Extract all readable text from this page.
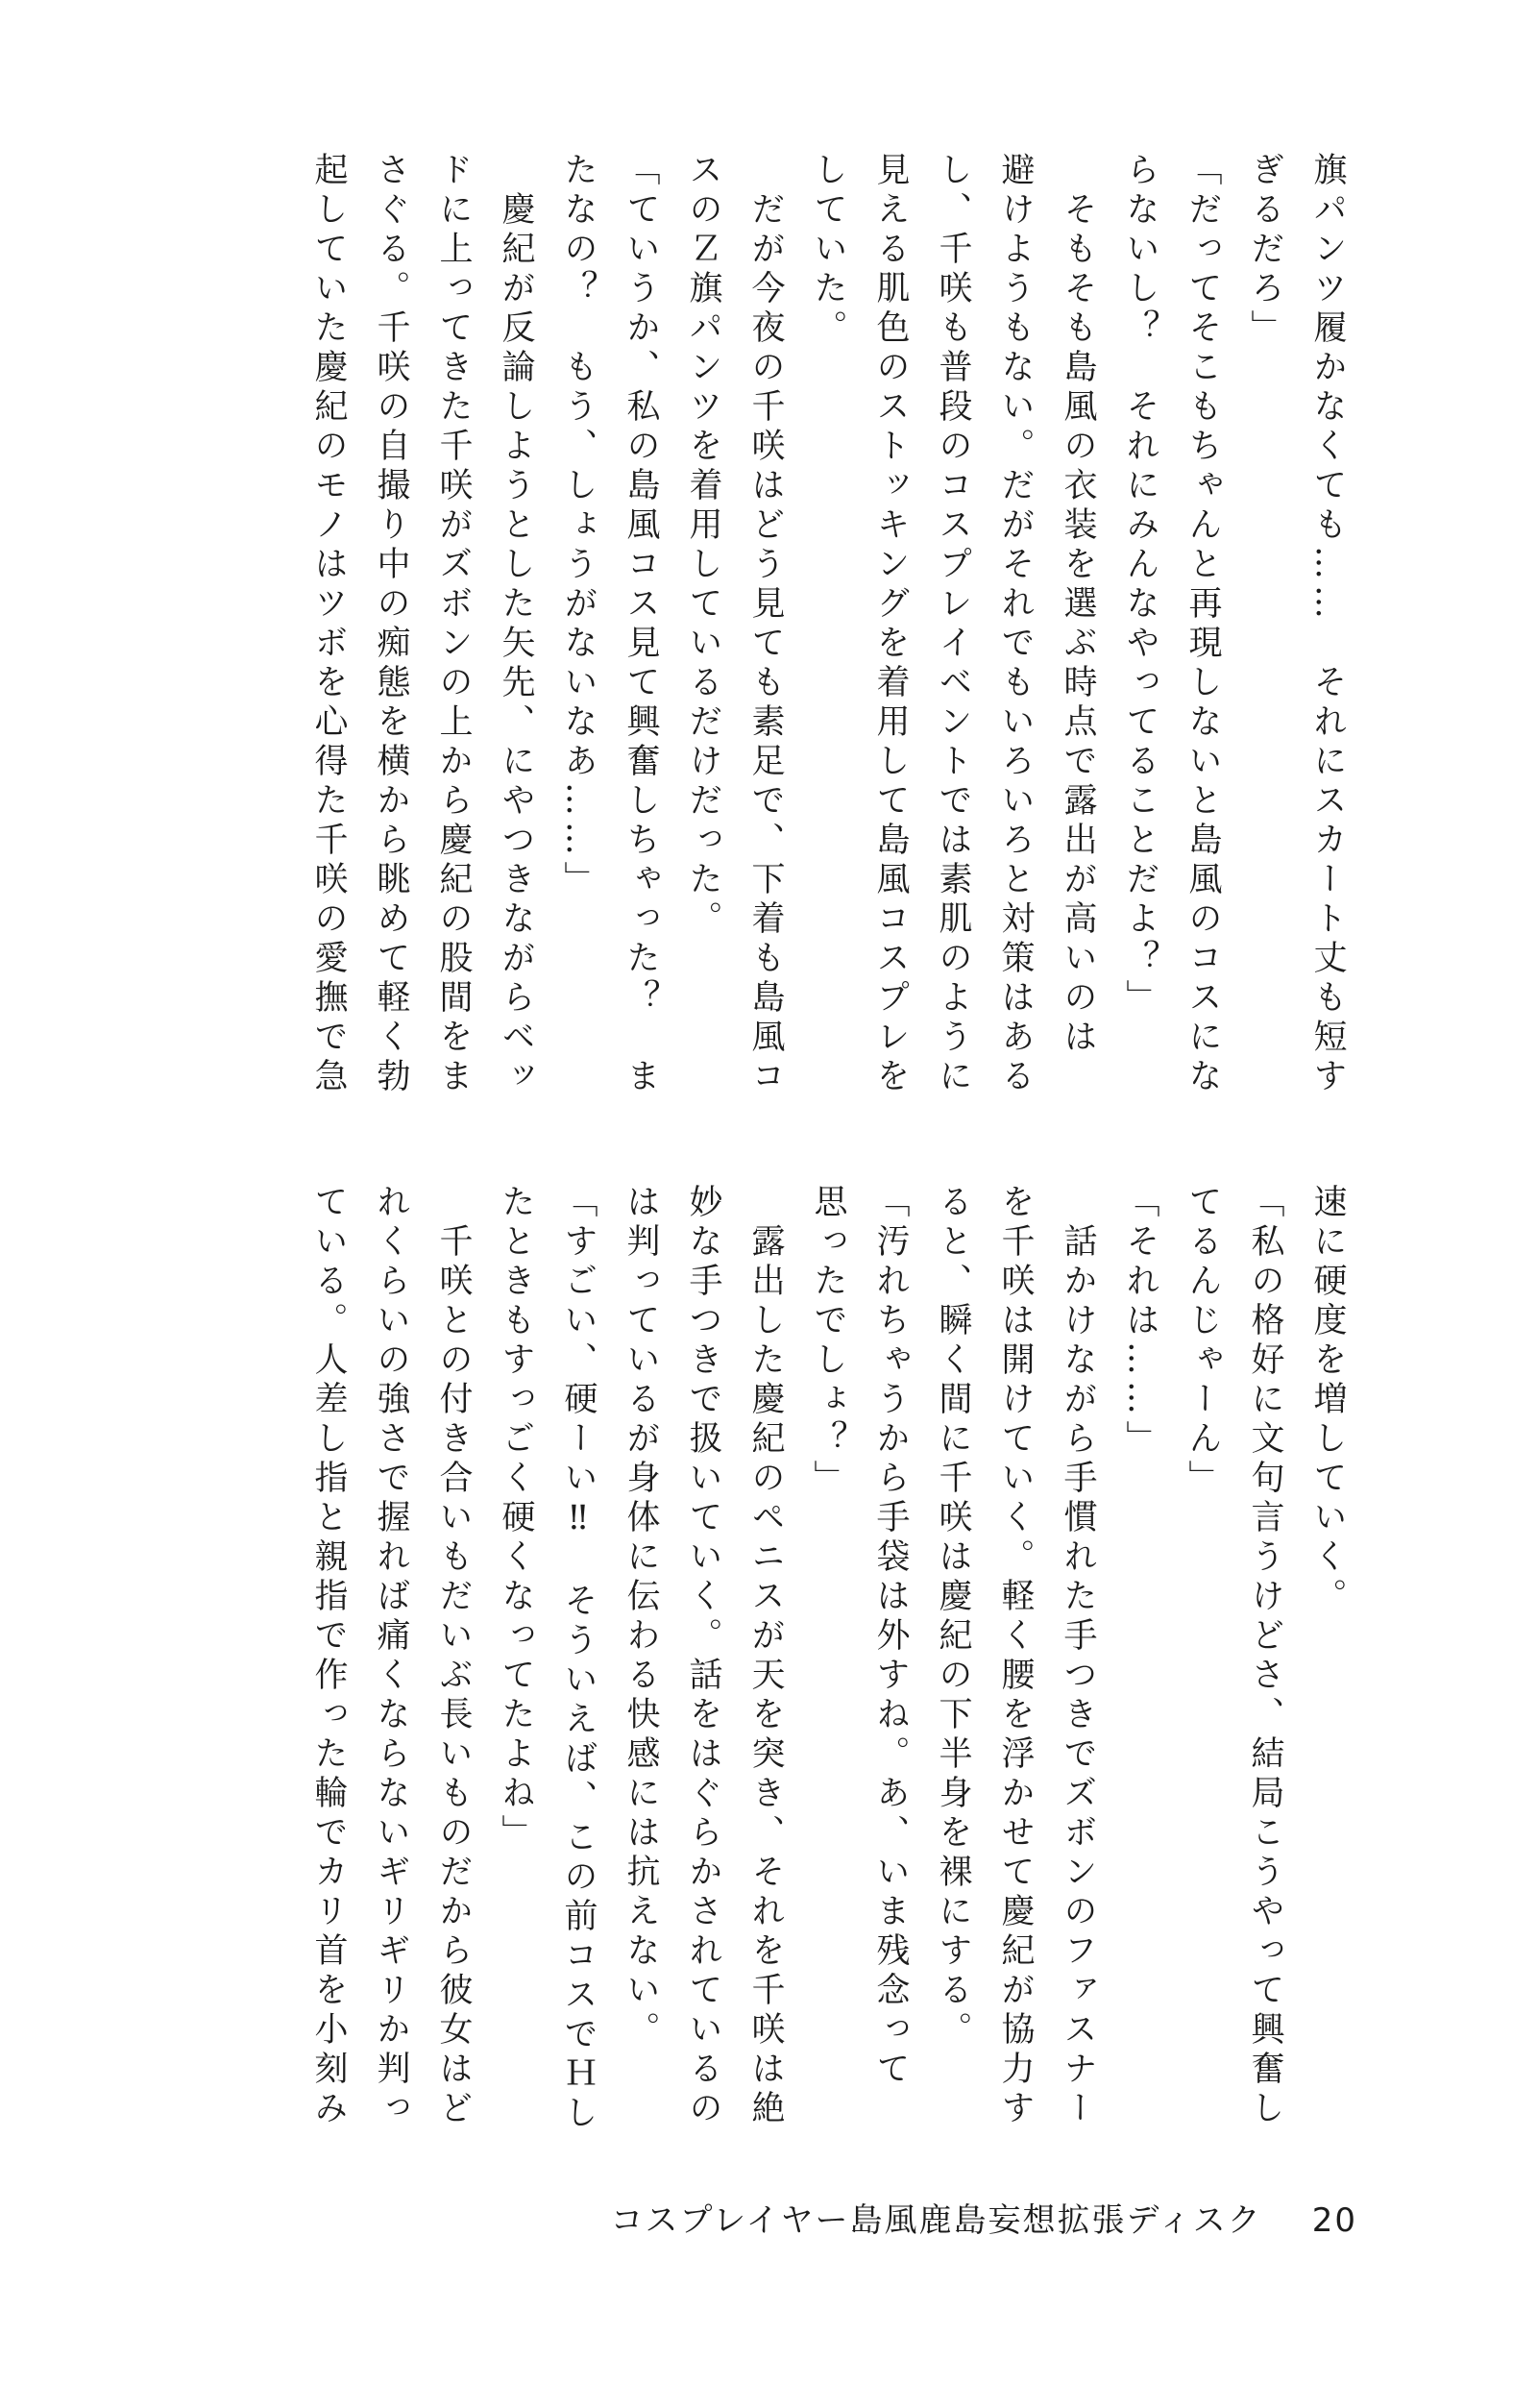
旗パンツ履かなくても……　それにスカート丈も短す

ぎるだろ」

「だってそこもちゃんと再現しないと島風のコスにな

らないし？　それにみんなやってることだよ？」

　そもそも島風の衣装を選ぶ時点で露出が高いのは

避けようもない。だがそれでもいろいろと対策はある

し、千咲も普段のコスプレイベントでは素肌のように

見える肌色のストッキングを着用して島風コスプレを

していた。

　だが今夜の千咲はどう見ても素足で、下着も島風コ

スのＺ旗パンツを着用しているだけだった。

「ていうか、私の島風コス見て興奮しちゃった？　ま

たなの？　もう、しょうがないなあ……」

　慶紀が反論しようとした矢先、にやつきながらベッ

ドに上ってきた千咲がズボンの上から慶紀の股間をま

さぐる。千咲の自撮り中の痴態を横から眺めて軽く勃

起していた慶紀のモノはツボを心得た千咲の愛撫で急

速に硬度を増していく。

「私の格好に文句言うけどさ、結局こうやって興奮し

てるんじゃーん」

「それは……」

　話かけながら手慣れた手つきでズボンのファスナー

を千咲は開けていく。軽く腰を浮かせて慶紀が協力す

ると、瞬く間に千咲は慶紀の下半身を裸にする。

「汚れちゃうから手袋は外すね。あ、いま残念って

思ったでしょ？」

　露出した慶紀のペニスが天を突き、それを千咲は絶

妙な手つきで扱いていく。話をはぐらかされているの

は判っているが身体に伝わる快感には抗えない。

「すごい、硬ーい‼　そういえば、この前コスでＨし

たときもすっごく硬くなってたよね」

　千咲との付き合いもだいぶ長いものだから彼女はど

れくらいの強さで握れば痛くならないギリギリか判っ

ている。人差し指と親指で作った輪でカリ首を小刻み

コスプレイヤー島風鹿島妄想拡張ディスク 20
